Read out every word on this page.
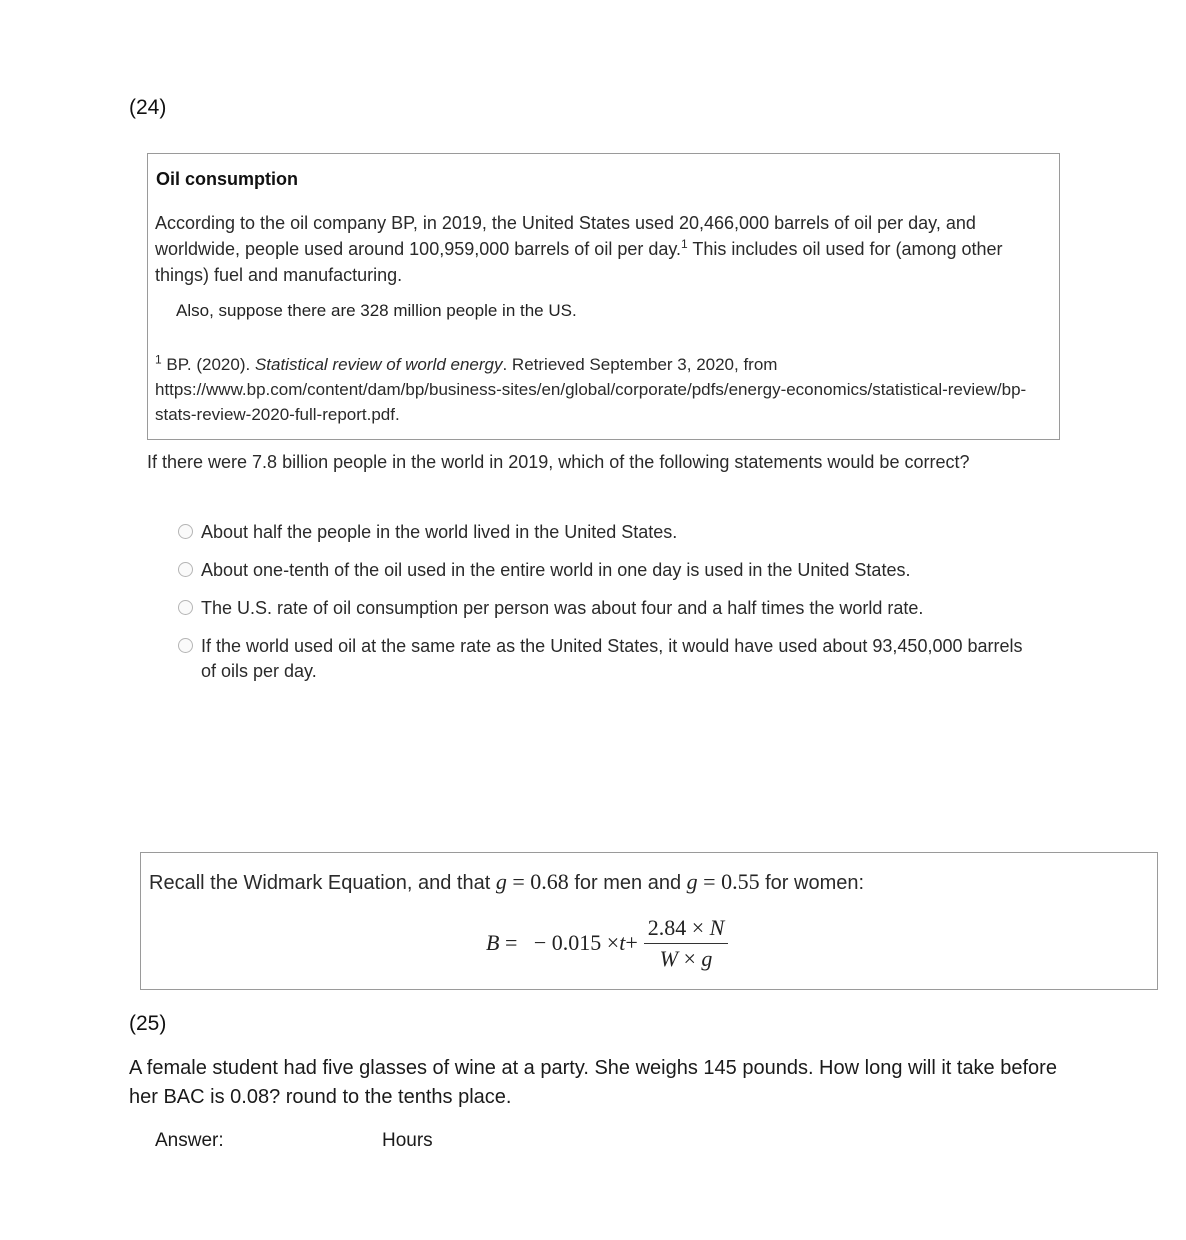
(24)
Oil consumption
According to the oil company BP, in 2019, the United States used 20,466,000 barrels of oil per day, and worldwide, people used around 100,959,000 barrels of oil per day.$^1$ This includes oil used for (among other things) fuel and manufacturing.
Also, suppose there are 328 million people in the US.
$^1$ BP. (2020). Statistical review of world energy. Retrieved September 3, 2020, from https://www.bp.com/content/dam/bp/business-sites/en/global/corporate/pdfs/energy-economics/statistical-review/bp-stats-review-2020-full-report.pdf.
If there were 7.8 billion people in the world in 2019, which of the following statements would be correct?
About half the people in the world lived in the United States.
About one-tenth of the oil used in the entire world in one day is used in the United States.
The U.S. rate of oil consumption per person was about four and a half times the world rate.
If the world used oil at the same rate as the United States, it would have used about 93,450,000 barrels of oils per day.
Recall the Widmark Equation, and that g = 0.68 for men and g = 0.55 for women:
B
=
− $0.015 \times t + \frac{2.84 \times N}{W \times g}$
(25)
A female student had five glasses of wine at a party. She weighs 145 pounds. How long will it take before her BAC is 0.08? round to the tenths place.
Answer:	Hours
